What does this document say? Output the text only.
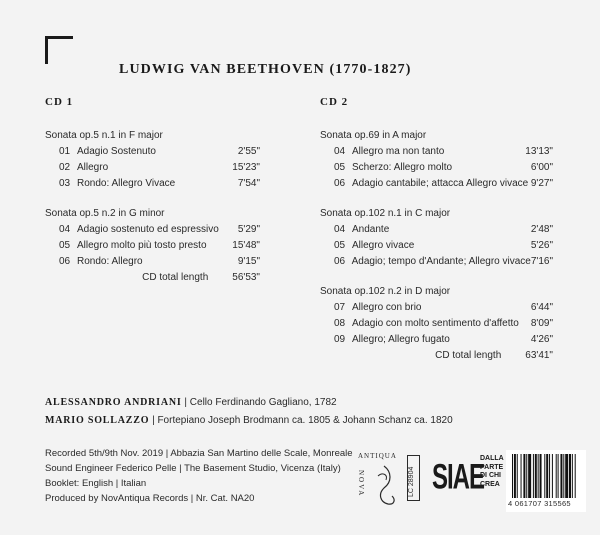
LUDWIG VAN BEETHOVEN (1770-1827)
CD 1	CD 2
Sonata op.5 n.1 in F major
01 Adagio Sostenuto	2'55"
02 Allegro	15'23"
03 Rondo: Allegro Vivace	7'54"
Sonata op.5 n.2 in G minor
04 Adagio sostenuto ed espressivo	5'29"
05 Allegro molto più tosto presto	15'48"
06 Rondo: Allegro	9'15"
CD total length 56'53"
Sonata op.69 in A major
04 Allegro ma non tanto	13'13"
05 Scherzo: Allegro molto	6'00"
06 Adagio cantabile; attacca Allegro vivace 9'27"
Sonata op.102 n.1 in C major
04 Andante	2'48"
05 Allegro vivace	5'26"
06 Adagio; tempo d'Andante; Allegro vivace 7'16"
Sonata op.102 n.2 in D major
07 Allegro con brio	6'44"
08 Adagio con molto sentimento d'affetto	8'09"
09 Allegro; Allegro fugato	4'26"
CD total length 63'41"
ALESSANDRO ANDRIANI | Cello Ferdinando Gagliano, 1782
MARIO SOLLAZZO | Fortepiano Joseph Brodmann ca. 1805 & Johann Schanz ca. 1820
Recorded 5th/9th Nov. 2019 | Abbazia San Martino delle Scale, Monreale
Sound Engineer Federico Pelle | The Basement Studio, Vicenza (Italy)
Booklet: English | Italian
Produced by NovAntiqua Records | Nr. Cat. NA20
ANTIQUA
NOVA	LC 28904 SIAE
DALLA
PARTE
DI CHI
CREA
4 061707 315565
